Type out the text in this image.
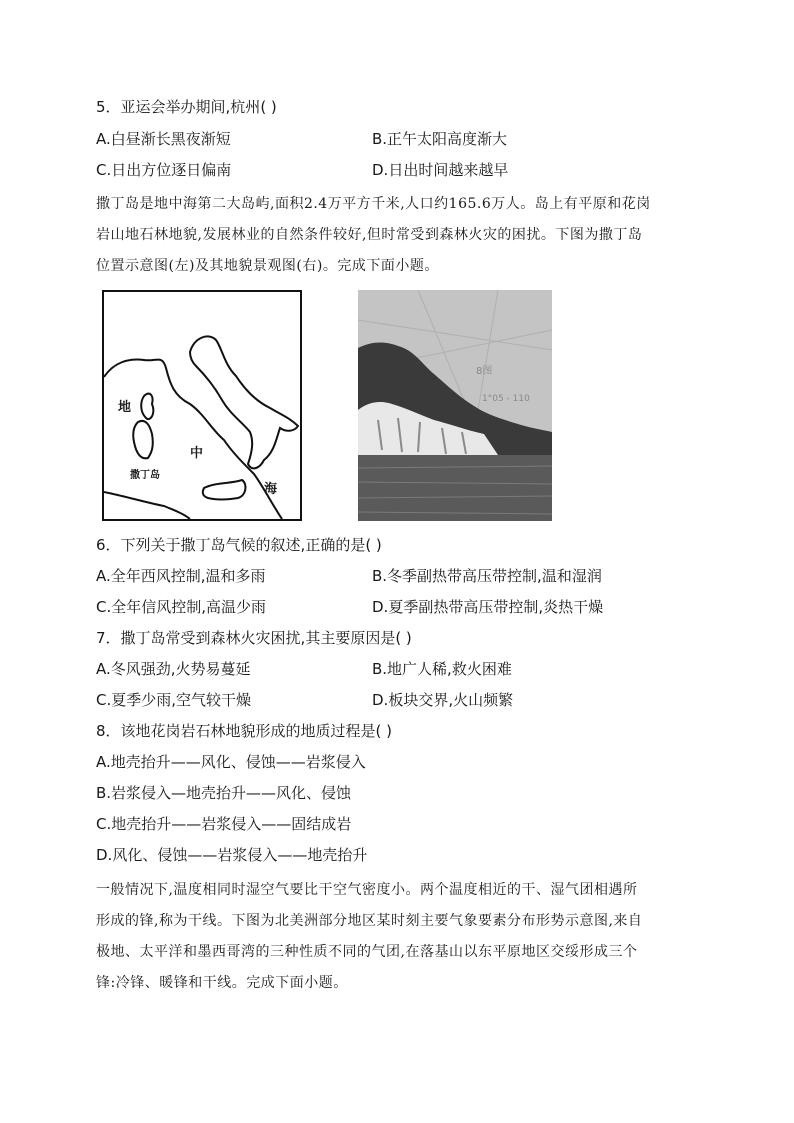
5．亚运会举办期间,杭州( )
A.白昼渐长黑夜渐短	B.正午太阳高度渐大
C.日出方位逐日偏南	D.日出时间越来越早
撒丁岛是地中海第二大岛屿,面积2.4万平方千米,人口约165.6万人。岛上有平原和花岗
岩山地石林地貌,发展林业的自然条件较好,但时常受到森林火灾的困扰。下图为撒丁岛
位置示意图(左)及其地貌景观图(右)。完成下面小题。
地
中
海
撒丁岛
8图
1°05 - 110
6．下列关于撒丁岛气候的叙述,正确的是( )
A.全年西风控制,温和多雨	B.冬季副热带高压带控制,温和湿润
C.全年信风控制,高温少雨	D.夏季副热带高压带控制,炎热干燥
7．撒丁岛常受到森林火灾困扰,其主要原因是( )
A.冬风强劲,火势易蔓延	B.地广人稀,救火困难
C.夏季少雨,空气较干燥	D.板块交界,火山频繁
8．该地花岗岩石林地貌形成的地质过程是( )
A.地壳抬升——风化、侵蚀——岩浆侵入
B.岩浆侵入—地壳抬升——风化、侵蚀
C.地壳抬升——岩浆侵入——固结成岩
D.风化、侵蚀——岩浆侵入——地壳抬升
一般情况下,温度相同时湿空气要比干空气密度小。两个温度相近的干、湿气团相遇所
形成的锋,称为干线。下图为北美洲部分地区某时刻主要气象要素分布形势示意图,来自
极地、太平洋和墨西哥湾的三种性质不同的气团,在落基山以东平原地区交绥形成三个
锋:冷锋、暖锋和干线。完成下面小题。
